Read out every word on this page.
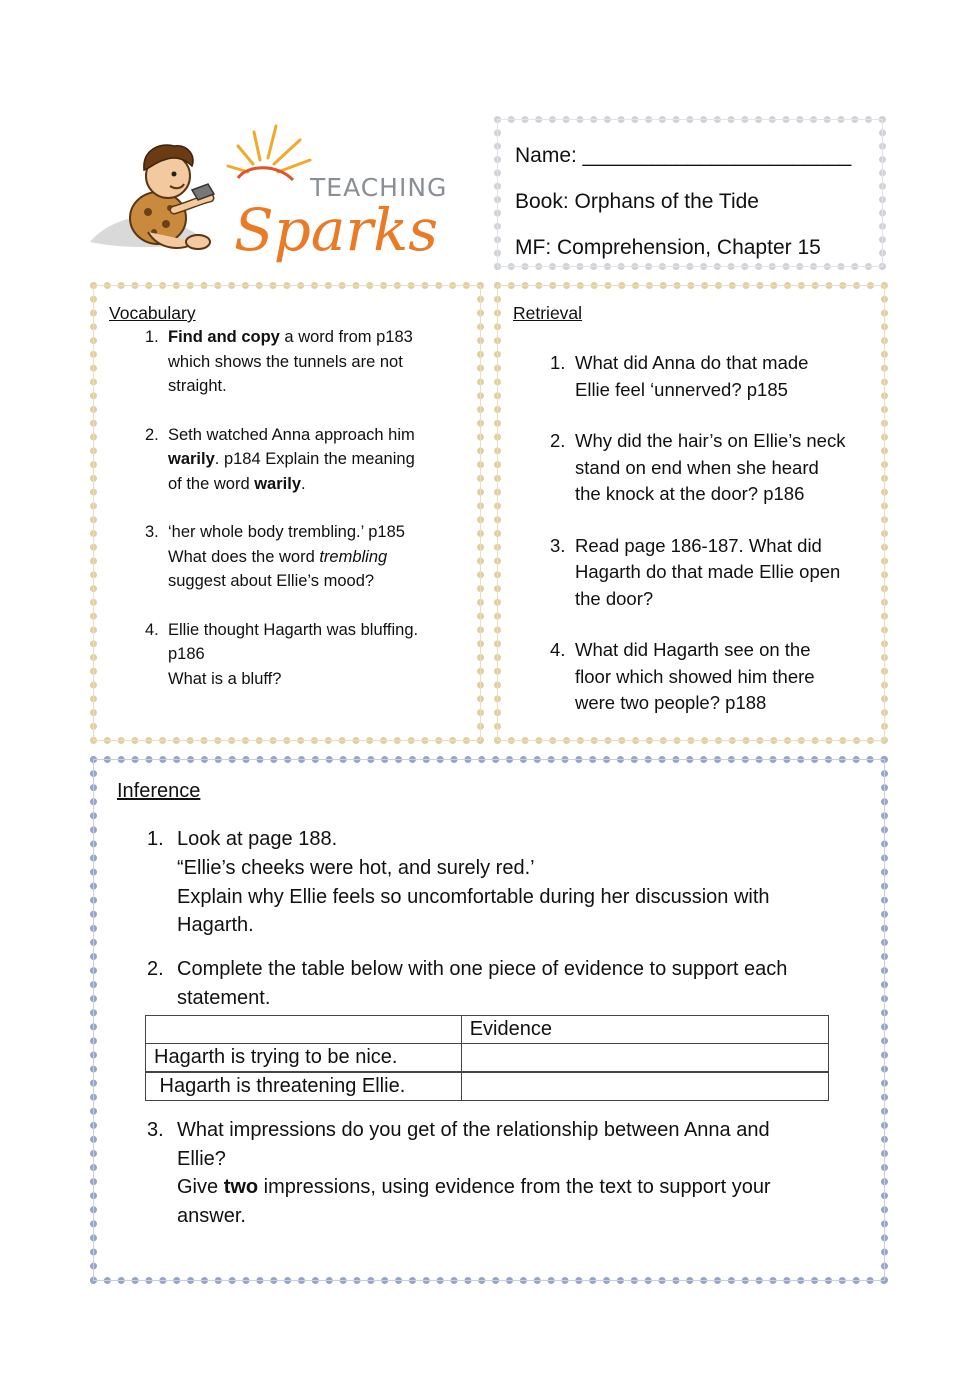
TEACHING
Sparks
Name: _______________________
Book: Orphans of the Tide
MF: Comprehension, Chapter 15
Vocabulary
1. Find and copy a word from p183
which shows the tunnels are not
straight.
2. Seth watched Anna approach him
warily. p184 Explain the meaning
of the word warily.
3. ‘her whole body trembling.’ p185
What does the word trembling
suggest about Ellie’s mood?
4. Ellie thought Hagarth was bluffing.
p186
What is a bluff?
Retrieval
1. What did Anna do that made
Ellie feel ‘unnerved? p185
2. Why did the hair’s on Ellie’s neck
stand on end when she heard
the knock at the door? p186
3. Read page 186-187. What did
Hagarth do that made Ellie open
the door?
4. What did Hagarth see on the
floor which showed him there
were two people? p188
Inference
1. Look at page 188.
“Ellie’s cheeks were hot, and surely red.’
Explain why Ellie feels so uncomfortable during her discussion with
Hagarth.
2. Complete the table below with one piece of evidence to support each
statement.
	Evidence
Hagarth is trying to be nice.	

Hagarth is threatening Ellie.	
3. What impressions do you get of the relationship between Anna and
Ellie?
Give two impressions, using evidence from the text to support your
answer.
